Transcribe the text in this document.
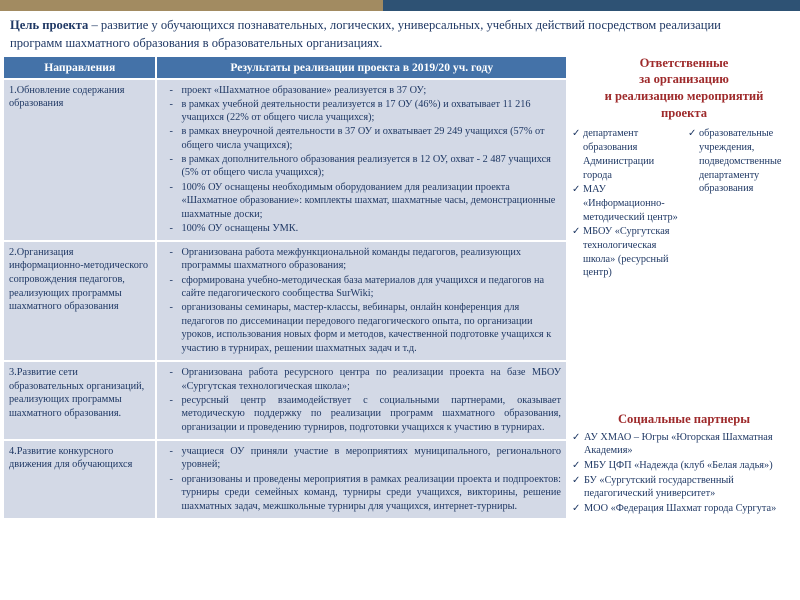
Цель проекта – развитие у обучающихся познавательных, логических, универсальных, учебных действий посредством реализации программ шахматного образования в образовательных организациях.
Направления	Результаты реализации проекта в 2019/20 уч. году
1.Обновление содержания образования	
- проект «Шахматное образование» реализуется в 37 ОУ;
- в рамках учебной деятельности реализуется в 17 ОУ (46%) и охватывает 11 216 учащихся (22% от общего числа учащихся);
- в рамках внеурочной деятельности в 37 ОУ и охватывает 29 249 учащихся (57% от общего числа учащихся);
- в рамках дополнительного образования реализуется в 12 ОУ, охват - 2 487 учащихся (5% от общего числа учащихся);
- 100% ОУ оснащены необходимым оборудованием для реализации проекта «Шахматное образование»: комплекты шахмат, шахматные часы, демонстрационные шахматные доски;
- 100% ОУ оснащены УМК.

2.Организация информационно-методического сопровождения педагогов, реализующих программы шахматного образования	
- Организована работа межфункциональной команды педагогов, реализующих программы шахматного образования;
- сформирована учебно-методическая база материалов для учащихся и педагогов на сайте педагогического сообщества SurWiki;
- организованы семинары, мастер-классы, вебинары, онлайн конференция для педагогов по диссеминации передового педагогического опыта, по организации уроков, использования новых форм и методов, качественной подготовке учащихся к участию в турнирах, решении шахматных задач и т.д.

3.Развитие сети образовательных организаций, реализующих программы шахматного образования.	
- Организована работа ресурсного центра по реализации проекта на базе МБОУ «Сургутская технологическая школа»;
- ресурсный центр взаимодействует с социальными партнерами, оказывает методическую поддержку по реализации программ шахматного образования, организации и проведению турниров, подготовки учащихся к участию в турнирах.

4.Развитие конкурсного движения для обучающихся	
- учащиеся ОУ приняли участие в мероприятиях муниципального, регионального уровней;
- организованы и проведены мероприятия в рамках реализации проекта и подпроектов: турниры среди семейных команд, турниры среди учащихся, викторины, решение шахматных задач, межшкольные турниры для учащихся, интернет-турниры.
Ответственные
за организацию
и реализацию мероприятий
проекта
✓ департамент образования Администрации города
✓ МАУ «Информационно-методический центр»
✓ МБОУ «Сургутская технологическая школа» (ресурсный центр)
✓ образовательные учреждения, подведомственные департаменту образования
Социальные партнеры
✓ АУ ХМАО – Югры «Югорская Шахматная Академия»
✓ МБУ ЦФП «Надежда (клуб «Белая ладья»)
✓ БУ «Сургутский государственный педагогический университет»
✓ МОО «Федерация Шахмат города Сургута»
